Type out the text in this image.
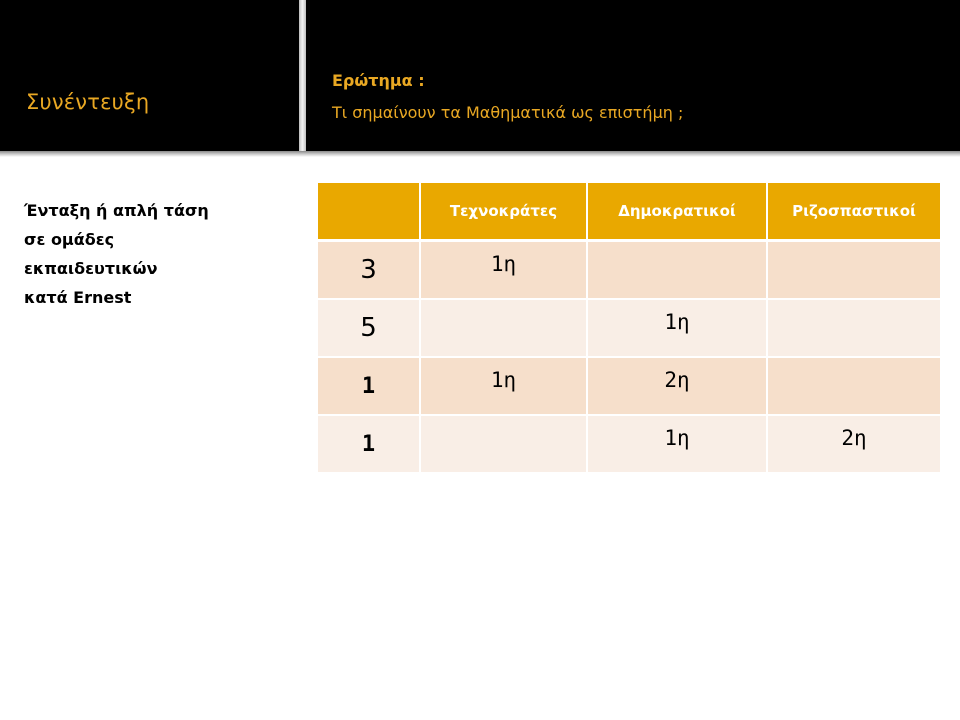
Συνέντευξη
Ερώτημα :
Τι σημαίνουν τα Μαθηματικά ως επιστήμη ;
Ένταξη ή απλή τάση
σε ομάδες
εκπαιδευτικών
κατά Ernest
	Τεχνοκράτες	Δημοκρατικοί	Ριζοσπαστικοί
3	1η		
5		1η	
1	1η	2η	
1		1η	2η
